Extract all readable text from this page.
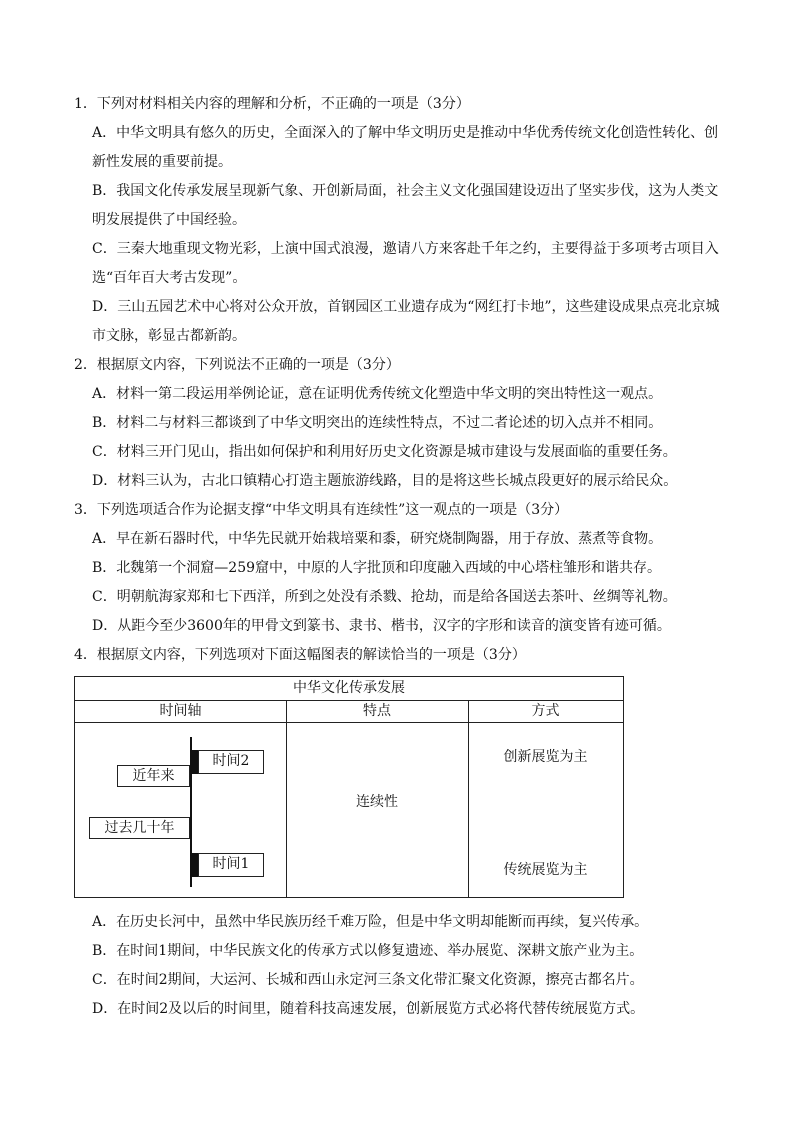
1．下列对材料相关内容的理解和分析，不正确的一项是（3分）
A．中华文明具有悠久的历史，全面深入的了解中华文明历史是推动中华优秀传统文化创造性转化、创
新性发展的重要前提。
B．我国文化传承发展呈现新气象、开创新局面，社会主义文化强国建设迈出了坚实步伐，这为人类文
明发展提供了中国经验。
C．三秦大地重现文物光彩，上演中国式浪漫，邀请八方来客赴千年之约，主要得益于多项考古项目入
选“百年百大考古发现”。
D．三山五园艺术中心将对公众开放，首钢园区工业遗存成为“网红打卡地”，这些建设成果点亮北京城
市文脉，彰显古都新韵。
2．根据原文内容，下列说法不正确的一项是（3分）
A．材料一第二段运用举例论证，意在证明优秀传统文化塑造中华文明的突出特性这一观点。
B．材料二与材料三都谈到了中华文明突出的连续性特点，不过二者论述的切入点并不相同。
C．材料三开门见山，指出如何保护和利用好历史文化资源是城市建设与发展面临的重要任务。
D．材料三认为，古北口镇精心打造主题旅游线路，目的是将这些长城点段更好的展示给民众。
3．下列选项适合作为论据支撑“中华文明具有连续性”这一观点的一项是（3分）
A．早在新石器时代，中华先民就开始栽培粟和黍，研究烧制陶器，用于存放、蒸煮等食物。
B．北魏第一个洞窟—259窟中，中原的人字批顶和印度融入西域的中心塔柱雏形和谐共存。
C．明朝航海家郑和七下西洋，所到之处没有杀戮、抢劫，而是给各国送去茶叶、丝绸等礼物。
D．从距今至少3600年的甲骨文到篆书、隶书、楷书，汉字的字形和读音的演变皆有迹可循。
4．根据原文内容，下列选项对下面这幅图表的解读恰当的一项是（3分）
中华文化传承发展
时间轴	特点	方式
时间2
时间1
近年来
过去几十年
连续性
创新展览为主
传统展览为主
A．在历史长河中，虽然中华民族历经千难万险，但是中华文明却能断而再续，复兴传承。
B．在时间1期间，中华民族文化的传承方式以修复遗迹、举办展览、深耕文旅产业为主。
C．在时间2期间，大运河、长城和西山永定河三条文化带汇聚文化资源，擦亮古都名片。
D．在时间2及以后的时间里，随着科技高速发展，创新展览方式必将代替传统展览方式。
